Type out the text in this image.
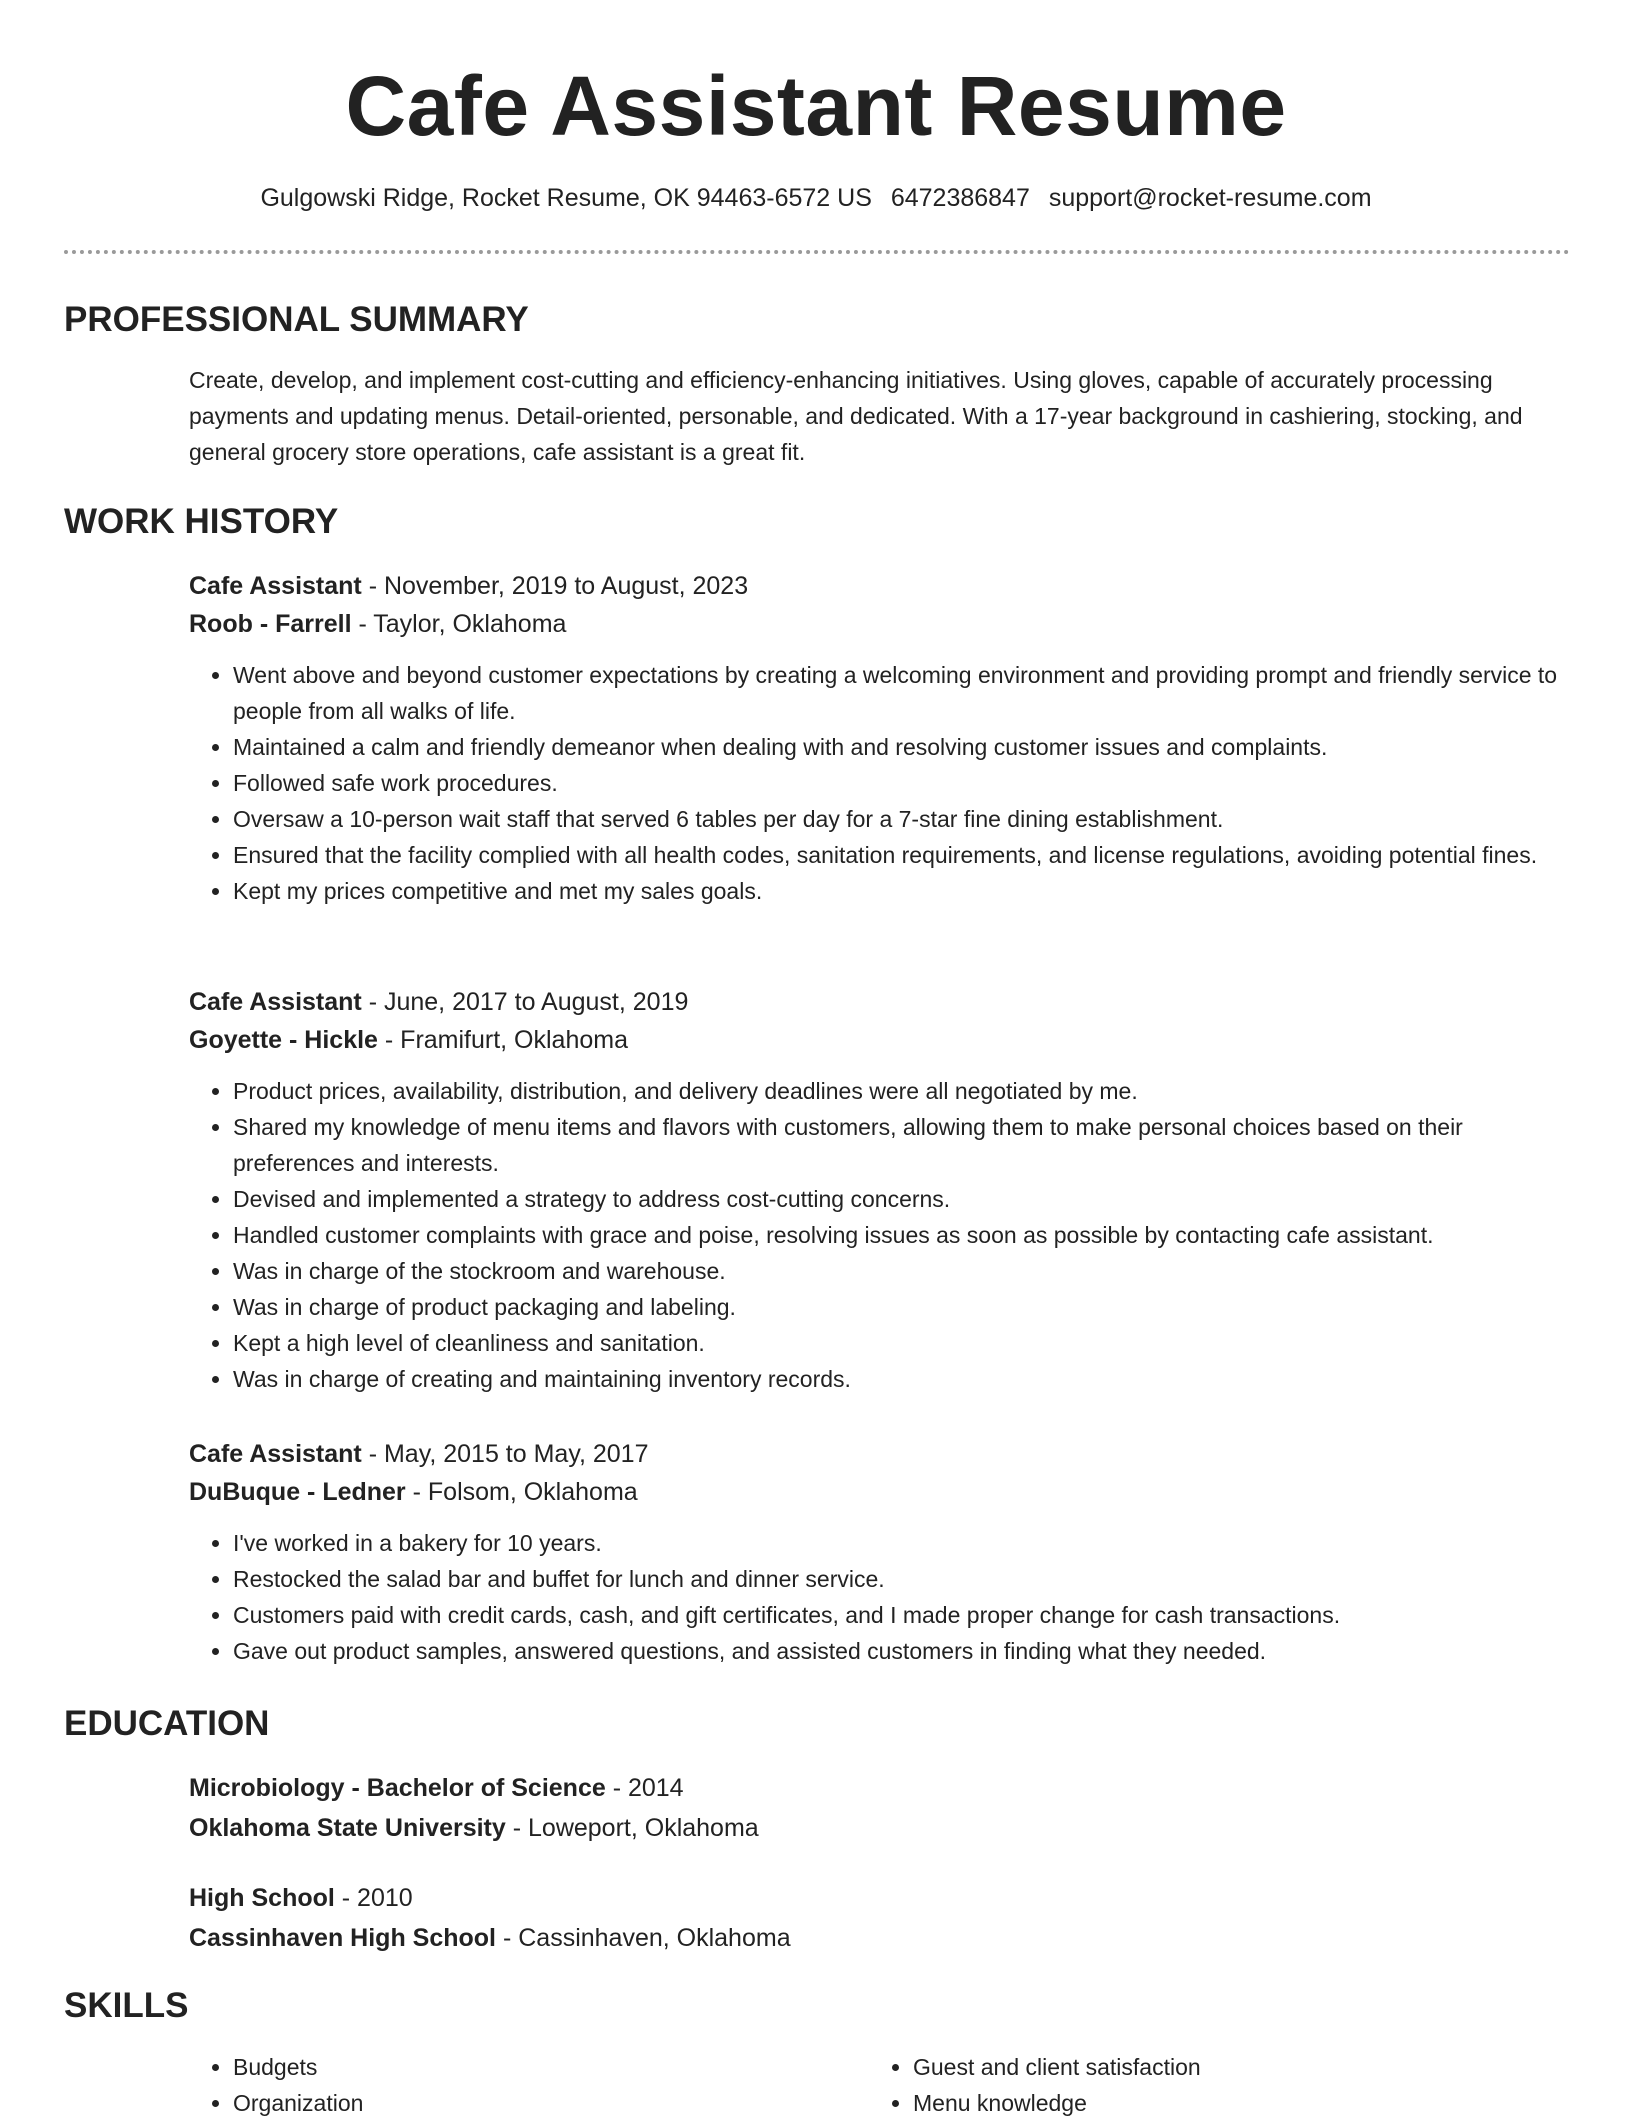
Cafe Assistant Resume
Gulgowski Ridge, Rocket Resume, OK 94463-6572 US 6472386847 support@rocket-resume.com
PROFESSIONAL SUMMARY

Create, develop, and implement cost-cutting and efficiency-enhancing initiatives. Using gloves, capable of accurately processing payments and updating menus. Detail-oriented, personable, and dedicated. With a 17-year background in cashiering, stocking, and general grocery store operations, cafe assistant is a great fit.

WORK HISTORY

Cafe Assistant - November, 2019 to August, 2023

Roob - Farrell - Taylor, Oklahoma

• Went above and beyond customer expectations by creating a welcoming environment and providing prompt and friendly service to people from all walks of life.
• Maintained a calm and friendly demeanor when dealing with and resolving customer issues and complaints.
• Followed safe work procedures.
• Oversaw a 10-person wait staff that served 6 tables per day for a 7-star fine dining establishment.
• Ensured that the facility complied with all health codes, sanitation requirements, and license regulations, avoiding potential fines.
• Kept my prices competitive and met my sales goals.

Cafe Assistant - June, 2017 to August, 2019

Goyette - Hickle - Framifurt, Oklahoma

• Product prices, availability, distribution, and delivery deadlines were all negotiated by me.
• Shared my knowledge of menu items and flavors with customers, allowing them to make personal choices based on their preferences and interests.
• Devised and implemented a strategy to address cost-cutting concerns.
• Handled customer complaints with grace and poise, resolving issues as soon as possible by contacting cafe assistant.
• Was in charge of the stockroom and warehouse.
• Was in charge of product packaging and labeling.
• Kept a high level of cleanliness and sanitation.
• Was in charge of creating and maintaining inventory records.

Cafe Assistant - May, 2015 to May, 2017

DuBuque - Ledner - Folsom, Oklahoma

• I've worked in a bakery for 10 years.
• Restocked the salad bar and buffet for lunch and dinner service.
• Customers paid with credit cards, cash, and gift certificates, and I made proper change for cash transactions.
• Gave out product samples, answered questions, and assisted customers in finding what they needed.
EDUCATION

Microbiology - Bachelor of Science - 2014

Oklahoma State University - Loweport, Oklahoma

High School - 2010

Cassinhaven High School - Cassinhaven, Oklahoma

SKILLS
• Budgets
• Organization
• Guest and client satisfaction
• Menu knowledge
